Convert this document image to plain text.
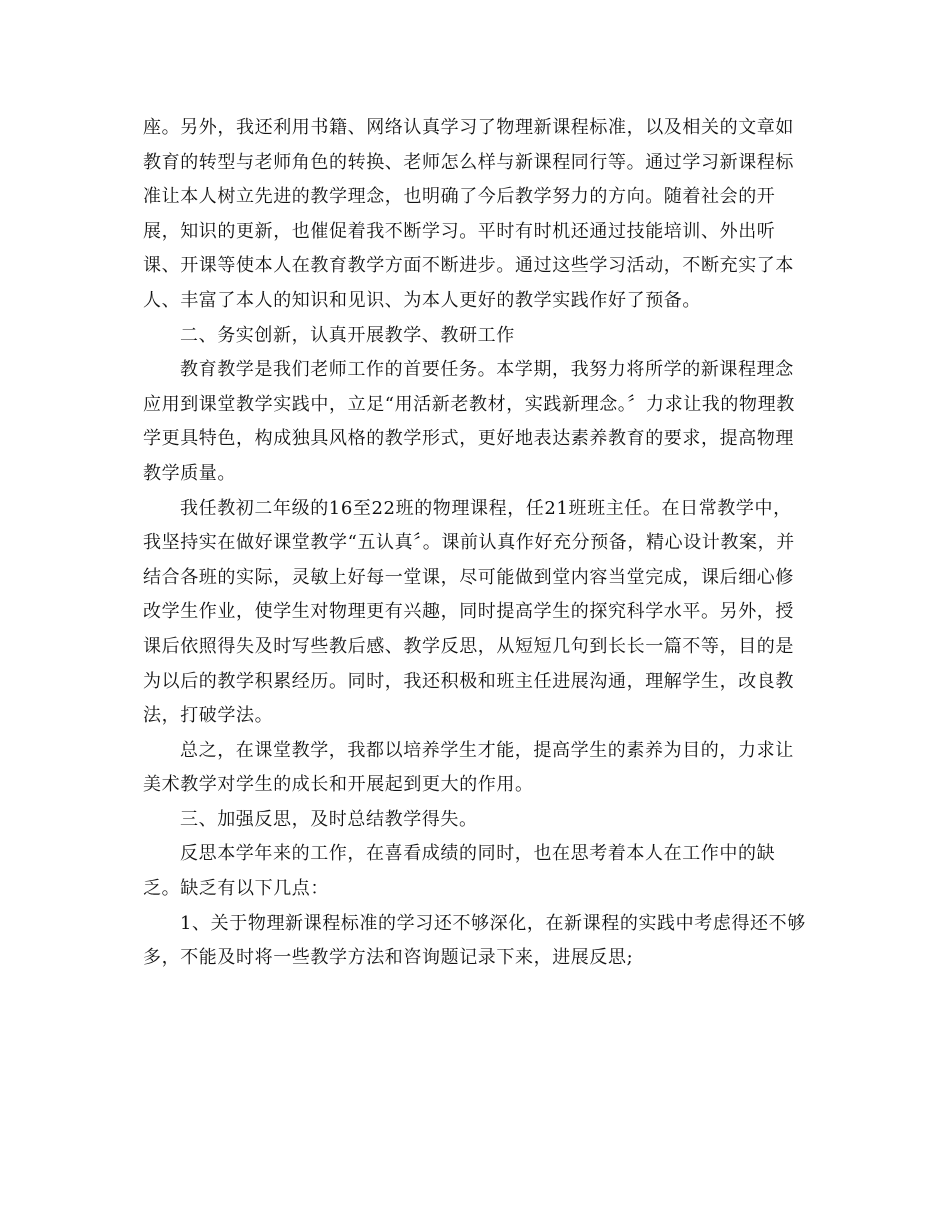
座。另外，我还利用书籍、网络认真学习了物理新课程标准，以及相关的文章如
教育的转型与老师角色的转换、老师怎么样与新课程同行等。通过学习新课程标
准让本人树立先进的教学理念，也明确了今后教学努力的方向。随着社会的开
展，知识的更新，也催促着我不断学习。平时有时机还通过技能培训、外出听
课、开课等使本人在教育教学方面不断进步。通过这些学习活动，不断充实了本
人、丰富了本人的知识和见识、为本人更好的教学实践作好了预备。
二、务实创新，认真开展教学、教研工作
教育教学是我们老师工作的首要任务。本学期，我努力将所学的新课程理念
应用到课堂教学实践中，立足“用活新老教材，实践新理念。〞力求让我的物理教
学更具特色，构成独具风格的教学形式，更好地表达素养教育的要求，提高物理
教学质量。
我任教初二年级的16至22班的物理课程，任21班班主任。在日常教学中，
我坚持实在做好课堂教学“五认真〞。课前认真作好充分预备，精心设计教案，并
结合各班的实际，灵敏上好每一堂课，尽可能做到堂内容当堂完成，课后细心修
改学生作业，使学生对物理更有兴趣，同时提高学生的探究科学水平。另外，授
课后依照得失及时写些教后感、教学反思，从短短几句到长长一篇不等，目的是
为以后的教学积累经历。同时，我还积极和班主任进展沟通，理解学生，改良教
法，打破学法。
总之，在课堂教学，我都以培养学生才能，提高学生的素养为目的，力求让
美术教学对学生的成长和开展起到更大的作用。
三、加强反思，及时总结教学得失。
反思本学年来的工作，在喜看成绩的同时，也在思考着本人在工作中的缺
乏。缺乏有以下几点：
1、关于物理新课程标准的学习还不够深化，在新课程的实践中考虑得还不够
多，不能及时将一些教学方法和咨询题记录下来，进展反思;
